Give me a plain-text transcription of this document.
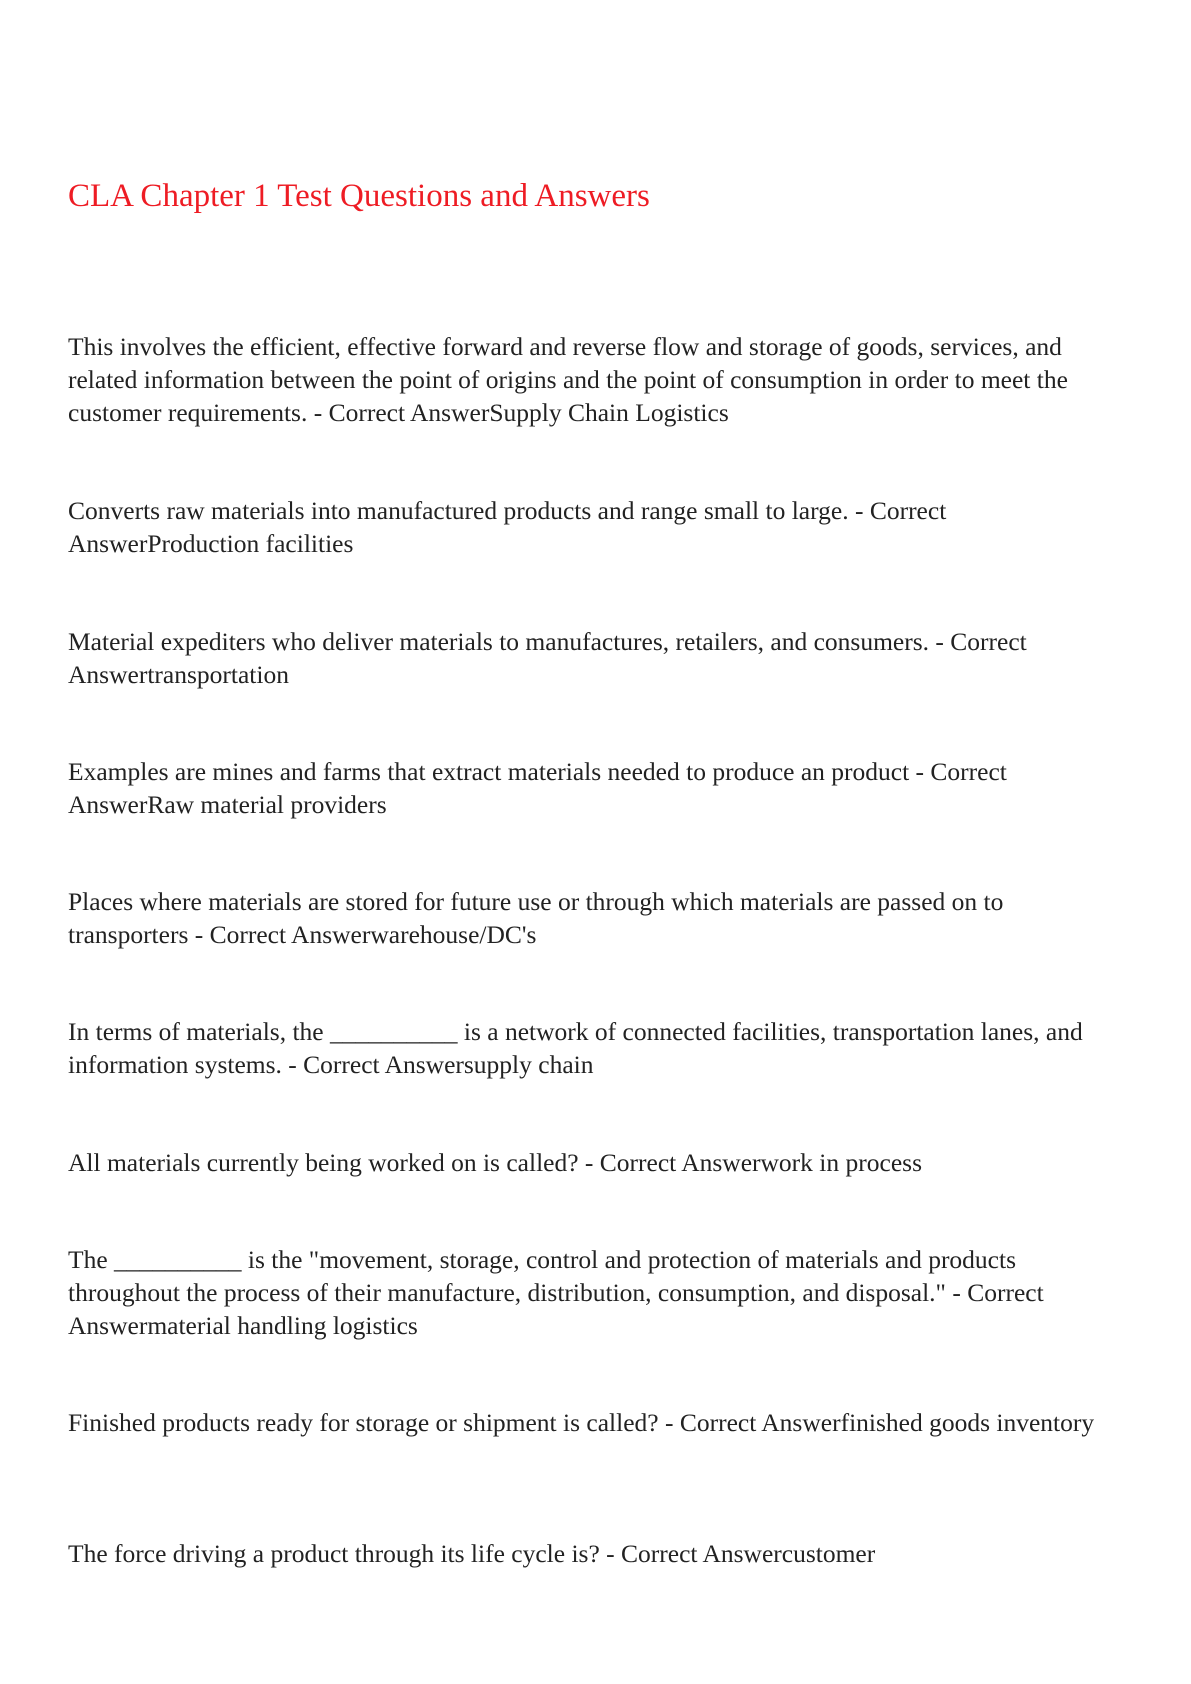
CLA Chapter 1 Test Questions and Answers

This involves the efficient, effective forward and reverse flow and storage of goods, services, and related information between the point of origins and the point of consumption in order to meet the customer requirements. - Correct AnswerSupply Chain Logistics

Converts raw materials into manufactured products and range small to large. - Correct AnswerProduction facilities

Material expediters who deliver materials to manufactures, retailers, and consumers. - Correct Answertransportation

Examples are mines and farms that extract materials needed to produce an product - Correct AnswerRaw material providers

Places where materials are stored for future use or through which materials are passed on to transporters - Correct Answerwarehouse/DC's

In terms of materials, the __________ is a network of connected facilities, transportation lanes, and information systems. - Correct Answersupply chain

All materials currently being worked on is called? - Correct Answerwork in process

The __________ is the "movement, storage, control and protection of materials and products throughout the process of their manufacture, distribution, consumption, and disposal." - Correct Answermaterial handling logistics

Finished products ready for storage or shipment is called? - Correct Answerfinished goods inventory

The force driving a product through its life cycle is? - Correct Answercustomer
